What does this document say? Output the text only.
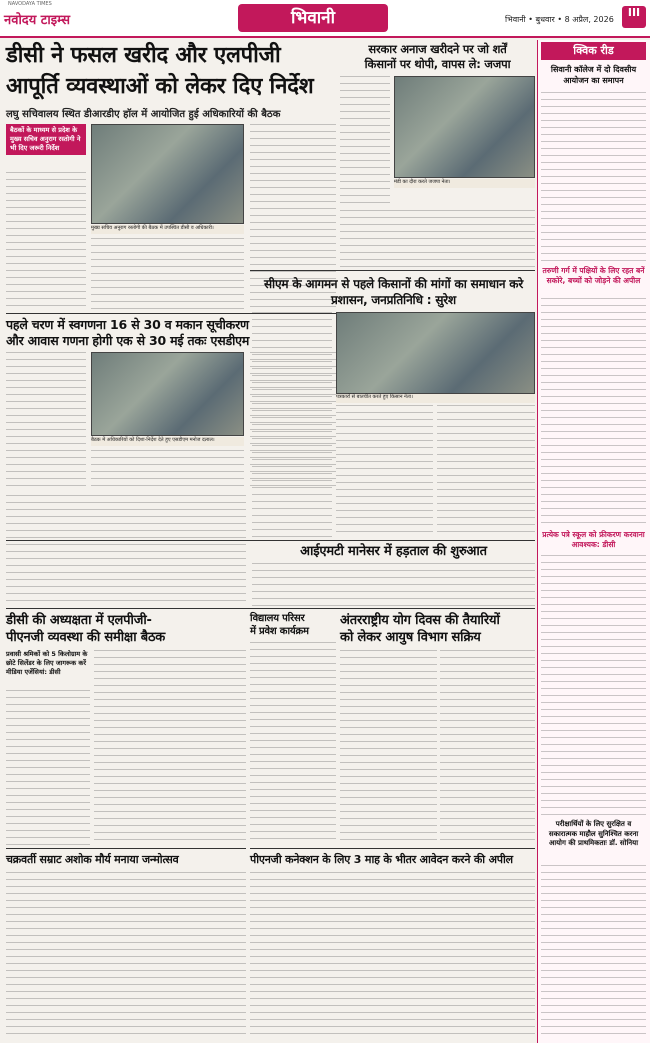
NAVODAYA TIMES
नवोदय टाइम्स	भिवानी	भिवानी • बुधवार • 8 अप्रैल, 2026
III
डीसी ने फसल खरीद और एलपीजी
आपूर्ति व्यवस्थाओं को लेकर दिए निर्देश
लघु सचिवालय स्थित डीआरडीए हॉल में आयोजित हुई अधिकारियों की बैठक
बैठकों के माध्यम से प्रदेश के मुख्य सचिव अनुराग रस्तोगी ने भी दिए जरूरी निर्देश
मुख्य सचिव अनुराग रस्तोगी की बैठक में उपस्थित डीसी व अधिकारी।
पहले चरण में स्वगणना 16 से 30 व मकान सूचीकरण
और आवास गणना होगी एक से 30 मई तकः एसडीएम
बैठक में अधिकारियों को दिशा-निर्देश देते हुए एसडीएम मनोज दलाल।
सरकार अनाज खरीदने पर जो शर्तें
किसानों पर थोपी, वापस ले: जजपा
मंडी का दौरा करते जजपा नेता।
सीएम के आगमन से पहले किसानों की मांगों का समाधान करे प्रशासन, जनप्रतिनिधि : सुरेश
पत्रकारों से बातचीत करते हुए किसान नेता।
आईएमटी मानेसर में हड़ताल की शुरुआत
डीसी की अध्यक्षता में एलपीजी-
पीएनजी व्यवस्था की समीक्षा बैठक
प्रवासी श्रमिकों को 5 किलोग्राम के छोटे सिलेंडर के लिए जागरूक करें मीडिया एजेंसियां: डीसी
विद्यालय परिसर
में प्रवेश कार्यक्रम
अंतरराष्ट्रीय योग दिवस की तैयारियों
को लेकर आयुष विभाग सक्रिय
चक्रवर्ती सम्राट अशोक मौर्य मनाया जन्मोत्सव	पीएनजी कनेक्शन के लिए 3 माह के भीतर आवेदन करने की अपील
क्विक रीड
सिवानी कॉलेज में दो दिवसीय आयोजन का समापन
तरुणी गर्ग में पक्षियों के लिए रहत बनें सकोरे, बच्चों को जोड़ने की अपील
प्रत्येक पत्रे स्कूल को फ्रीकरण करवाना आवश्यक: डीसी
परीक्षार्थियों के लिए सुरक्षित व सकारात्मक माहौल सुनिश्चित करना आयोग की प्राथमिकताः डॉ. सोनिया
